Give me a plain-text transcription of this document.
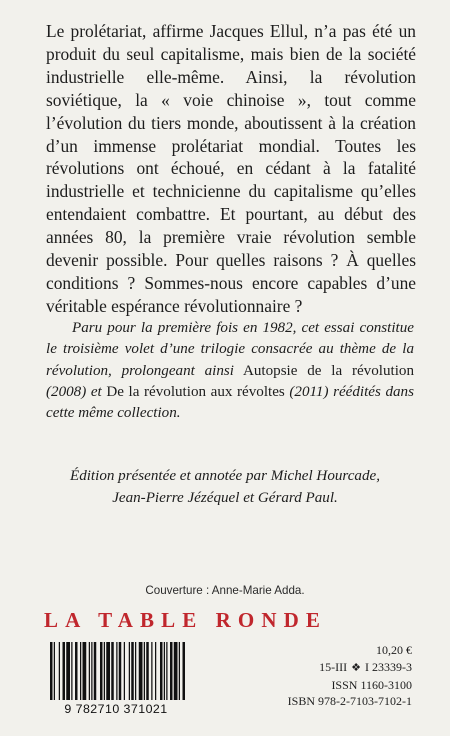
Le prolétariat, affirme Jacques Ellul, n’a pas été un produit du seul capitalisme, mais bien de la société industrielle elle-même. Ainsi, la révolution soviétique, la « voie chinoise », tout comme l’évolution du tiers monde, aboutissent à la création d’un immense prolétariat mondial. Toutes les révolutions ont échoué, en cédant à la fatalité industrielle et technicienne du capitalisme qu’elles entendaient combattre. Et pourtant, au début des années 80, la première vraie révolution semble devenir possible. Pour quelles raisons ? À quelles conditions ? Sommes-nous encore capables d’une véritable espérance révolutionnaire ?

Paru pour la première fois en 1982, cet essai constitue le troisième volet d’une trilogie consacrée au thème de la révolution, prolongeant ainsi Autopsie de la révolution (2008) et De la révolution aux révoltes (2011) réédités dans cette même collection.

Édition présentée et annotée par Michel Hourcade,
Jean-Pierre Jézéquel et Gérard Paul.

Couverture : Anne-Marie Adda.

LA TABLE RONDE

9 782710 371021
10,20 €
15-III ❖ I 23339-3
ISSN 1160-3100
ISBN 978-2-7103-7102-1
